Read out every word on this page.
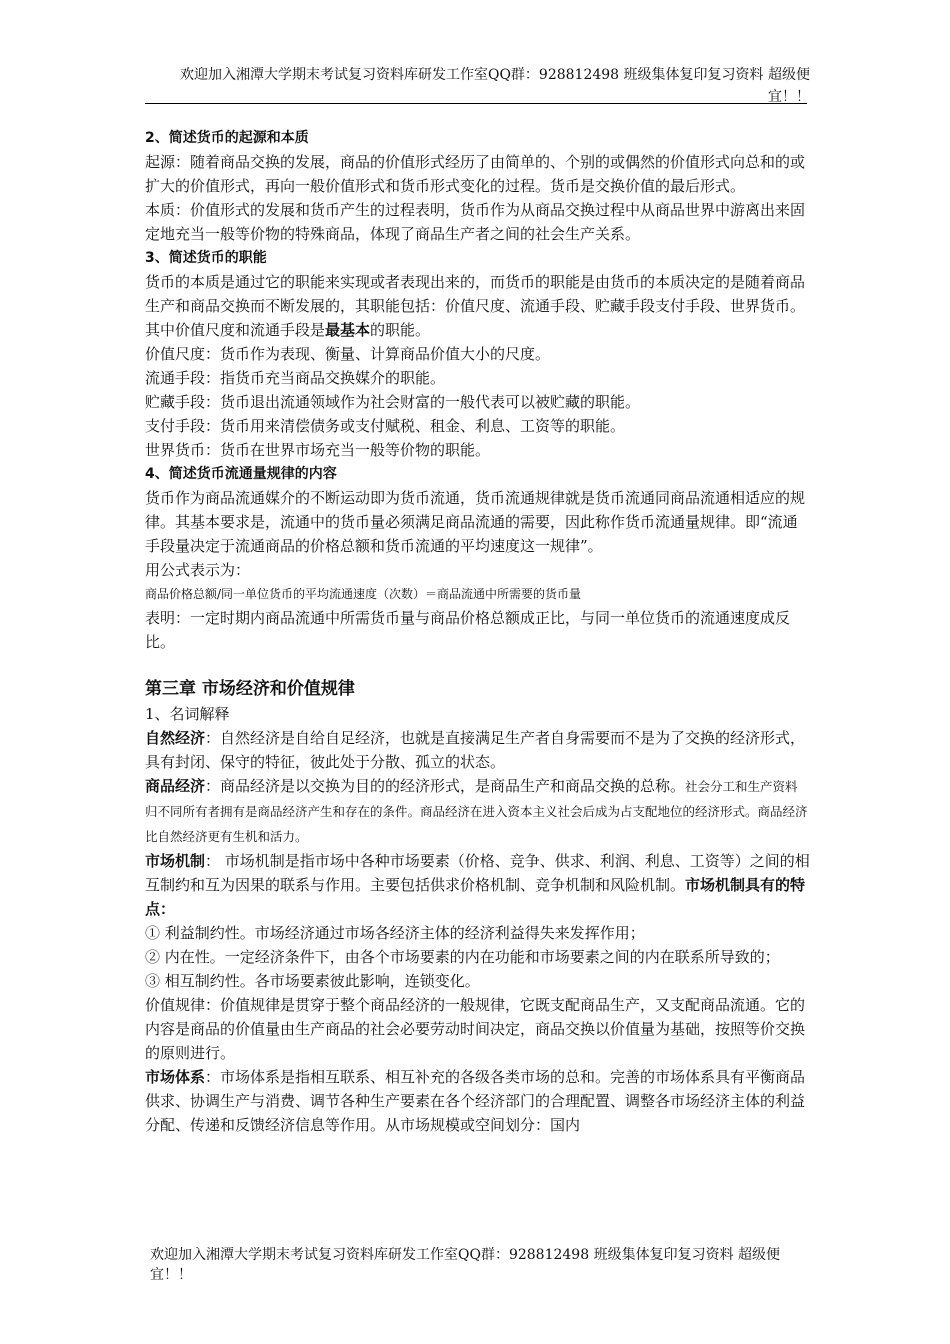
欢迎加入湘潭大学期末考试复习资料库研发工作室QQ群：928812498 班级集体复印复习资料 超级便
宜！！
2、简述货币的起源和本质

起源：随着商品交换的发展，商品的价值形式经历了由简单的、个别的或偶然的价值形式向总和的或扩大的价值形式，再向一般价值形式和货币形式变化的过程。货币是交换价值的最后形式。

本质：价值形式的发展和货币产生的过程表明，货币作为从商品交换过程中从商品世界中游离出来固定地充当一般等价物的特殊商品，体现了商品生产者之间的社会生产关系。

3、简述货币的职能

货币的本质是通过它的职能来实现或者表现出来的，而货币的职能是由货币的本质决定的是随着商品生产和商品交换而不断发展的，其职能包括：价值尺度、流通手段、贮藏手段支付手段、世界货币。其中价值尺度和流通手段是最基本的职能。

价值尺度：货币作为表现、衡量、计算商品价值大小的尺度。

流通手段：指货币充当商品交换媒介的职能。

贮藏手段：货币退出流通领域作为社会财富的一般代表可以被贮藏的职能。

支付手段：货币用来清偿债务或支付赋税、租金、利息、工资等的职能。

世界货币：货币在世界市场充当一般等价物的职能。

4、简述货币流通量规律的内容

货币作为商品流通媒介的不断运动即为货币流通，货币流通规律就是货币流通同商品流通相适应的规律。其基本要求是，流通中的货币量必须满足商品流通的需要，因此称作货币流通量规律。即“流通手段量决定于流通商品的价格总额和货币流通的平均速度这一规律”。

用公式表示为：

商品价格总额/同一单位货币的平均流通速度（次数）＝商品流通中所需要的货币量

表明：一定时期内商品流通中所需货币量与商品价格总额成正比，与同一单位货币的流通速度成反比。

第三章 市场经济和价值规律

1、名词解释

自然经济：自然经济是自给自足经济，也就是直接满足生产者自身需要而不是为了交换的经济形式，具有封闭、保守的特征，彼此处于分散、孤立的状态。

商品经济：商品经济是以交换为目的的经济形式，是商品生产和商品交换的总称。社会分工和生产资料归不同所有者拥有是商品经济产生和存在的条件。商品经济在进入资本主义社会后成为占支配地位的经济形式。商品经济比自然经济更有生机和活力。

市场机制： 市场机制是指市场中各种市场要素（价格、竞争、供求、利润、利息、工资等）之间的相互制约和互为因果的联系与作用。主要包括供求价格机制、竞争机制和风险机制。市场机制具有的特点：

① 利益制约性。市场经济通过市场各经济主体的经济利益得失来发挥作用；

② 内在性。一定经济条件下，由各个市场要素的内在功能和市场要素之间的内在联系所导致的；

③ 相互制约性。各市场要素彼此影响，连锁变化。

价值规律：价值规律是贯穿于整个商品经济的一般规律，它既支配商品生产，又支配商品流通。它的内容是商品的价值量由生产商品的社会必要劳动时间决定，商品交换以价值量为基础，按照等价交换的原则进行。

市场体系：市场体系是指相互联系、相互补充的各级各类市场的总和。完善的市场体系具有平衡商品供求、协调生产与消费、调节各种生产要素在各个经济部门的合理配置、调整各市场经济主体的利益分配、传递和反馈经济信息等作用。从市场规模或空间划分：国内

欢迎加入湘潭大学期末考试复习资料库研发工作室QQ群：928812498 班级集体复印复习资料 超级便宜！！
